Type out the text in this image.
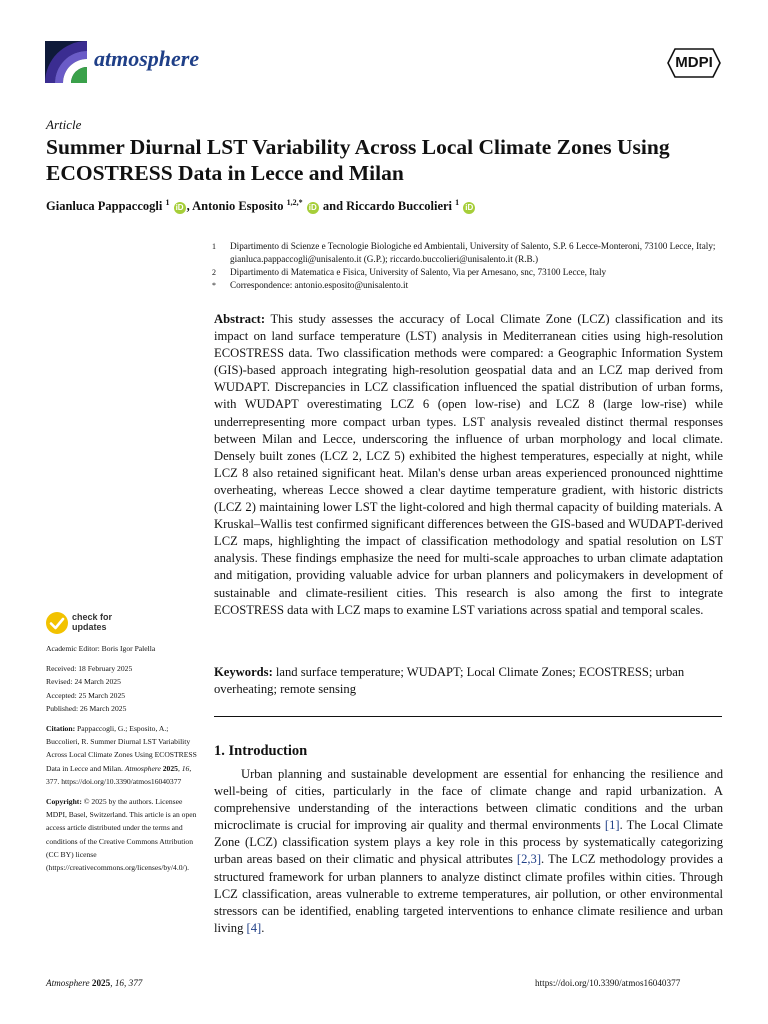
atmosphere	MDPI
Article
Summer Diurnal LST Variability Across Local Climate Zones Using ECOSTRESS Data in Lecce and Milan
Gianluca Pappaccogli $^1$ iD , Antonio Esposito $^{1,2,*}$ iD and Riccardo Buccolieri $^1$ iD
1	Dipartimento di Scienze e Tecnologie Biologiche ed Ambientali, University of Salento, S.P. 6 Lecce-Monteroni, 73100 Lecce, Italy; gianluca.pappaccogli@unisalento.it (G.P.); riccardo.buccolieri@unisalento.it (R.B.)
2	Dipartimento di Matematica e Fisica, University of Salento, Via per Arnesano, snc, 73100 Lecce, Italy
*	Correspondence: antonio.esposito@unisalento.it
Abstract: This study assesses the accuracy of Local Climate Zone (LCZ) classification and its impact on land surface temperature (LST) analysis in Mediterranean cities using high-resolution ECOSTRESS data. Two classification methods were compared: a Geographic Information System (GIS)-based approach integrating high-resolution geospatial data and an LCZ map derived from WUDAPT. Discrepancies in LCZ classification influenced the spatial distribution of urban forms, with WUDAPT overestimating LCZ 6 (open low-rise) and LCZ 8 (large low-rise) while underrepresenting more compact urban types. LST analysis revealed distinct thermal responses between Milan and Lecce, underscoring the influence of urban morphology and local climate. Densely built zones (LCZ 2, LCZ 5) exhibited the highest temperatures, especially at night, while LCZ 8 also retained significant heat. Milan's dense urban areas experienced pronounced nighttime overheating, whereas Lecce showed a clear daytime temperature gradient, with historic districts (LCZ 2) maintaining lower LST the light-colored and high thermal capacity of building materials. A Kruskal–Wallis test confirmed significant differences between the GIS-based and WUDAPT-derived LCZ maps, highlighting the impact of classification methodology and spatial resolution on LST analysis. These findings emphasize the need for multi-scale approaches to urban climate adaptation and mitigation, providing valuable advice for urban planners and policymakers in development of sustainable and climate-resilient cities. This research is also among the first to integrate ECOSTRESS data with LCZ maps to examine LST variations across spatial and temporal scales.
Keywords: land surface temperature; WUDAPT; Local Climate Zones; ECOSTRESS; urban overheating; remote sensing
1. Introduction
Urban planning and sustainable development are essential for enhancing the resilience and well-being of cities, particularly in the face of climate change and rapid urbanization. A comprehensive understanding of the interactions between climatic conditions and the urban microclimate is crucial for improving air quality and thermal environments [1]. The Local Climate Zone (LCZ) classification system plays a key role in this process by systematically categorizing urban areas based on their climatic and physical attributes [2,3]. The LCZ methodology provides a structured framework for urban planners to analyze distinct climate profiles within cities. Through LCZ classification, areas vulnerable to extreme temperatures, air pollution, or other environmental stressors can be identified, enabling targeted interventions to enhance climate resilience and urban living [4].
check for
updates
Academic Editor: Boris Igor Palella
Received: 18 February 2025
Revised: 24 March 2025
Accepted: 25 March 2025
Published: 26 March 2025
Citation: Pappaccogli, G.; Esposito, A.; Buccolieri, R. Summer Diurnal LST Variability Across Local Climate Zones Using ECOSTRESS Data in Lecce and Milan. Atmosphere 2025, 16, 377. https://doi.org/10.3390/atmos16040377
Copyright: © 2025 by the authors. Licensee MDPI, Basel, Switzerland. This article is an open access article distributed under the terms and conditions of the Creative Commons Attribution (CC BY) license (https://creativecommons.org/licenses/by/4.0/).
Atmosphere 2025, 16, 377	https://doi.org/10.3390/atmos16040377
